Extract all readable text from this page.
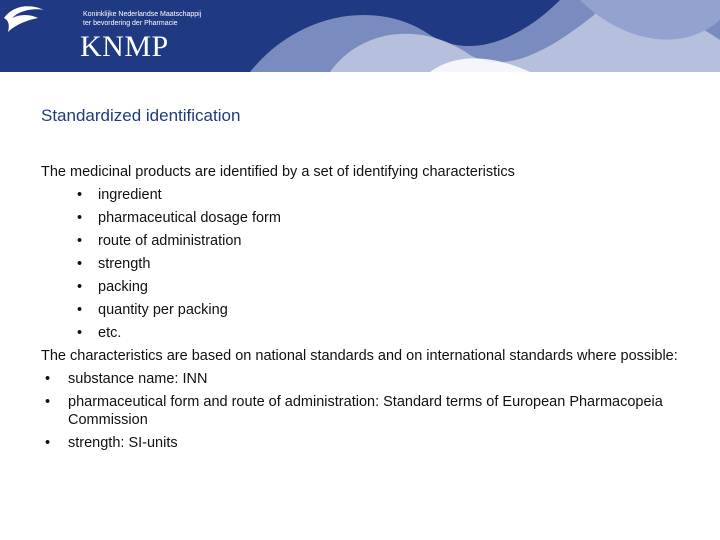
Koninklijke Nederlandse Maatschappij
ter bevordering der Pharmacie
KNMP
Standardized identification

The medicinal products are identified by a set of identifying characteristics

• ingredient
• pharmaceutical dosage form
• route of administration
• strength
• packing
• quantity per packing
• etc.

The characteristics are based on national standards and on international standards where possible:

• substance name: INN
• pharmaceutical form and route of administration: Standard terms of European Pharmacopeia Commission
• strength: SI-units
